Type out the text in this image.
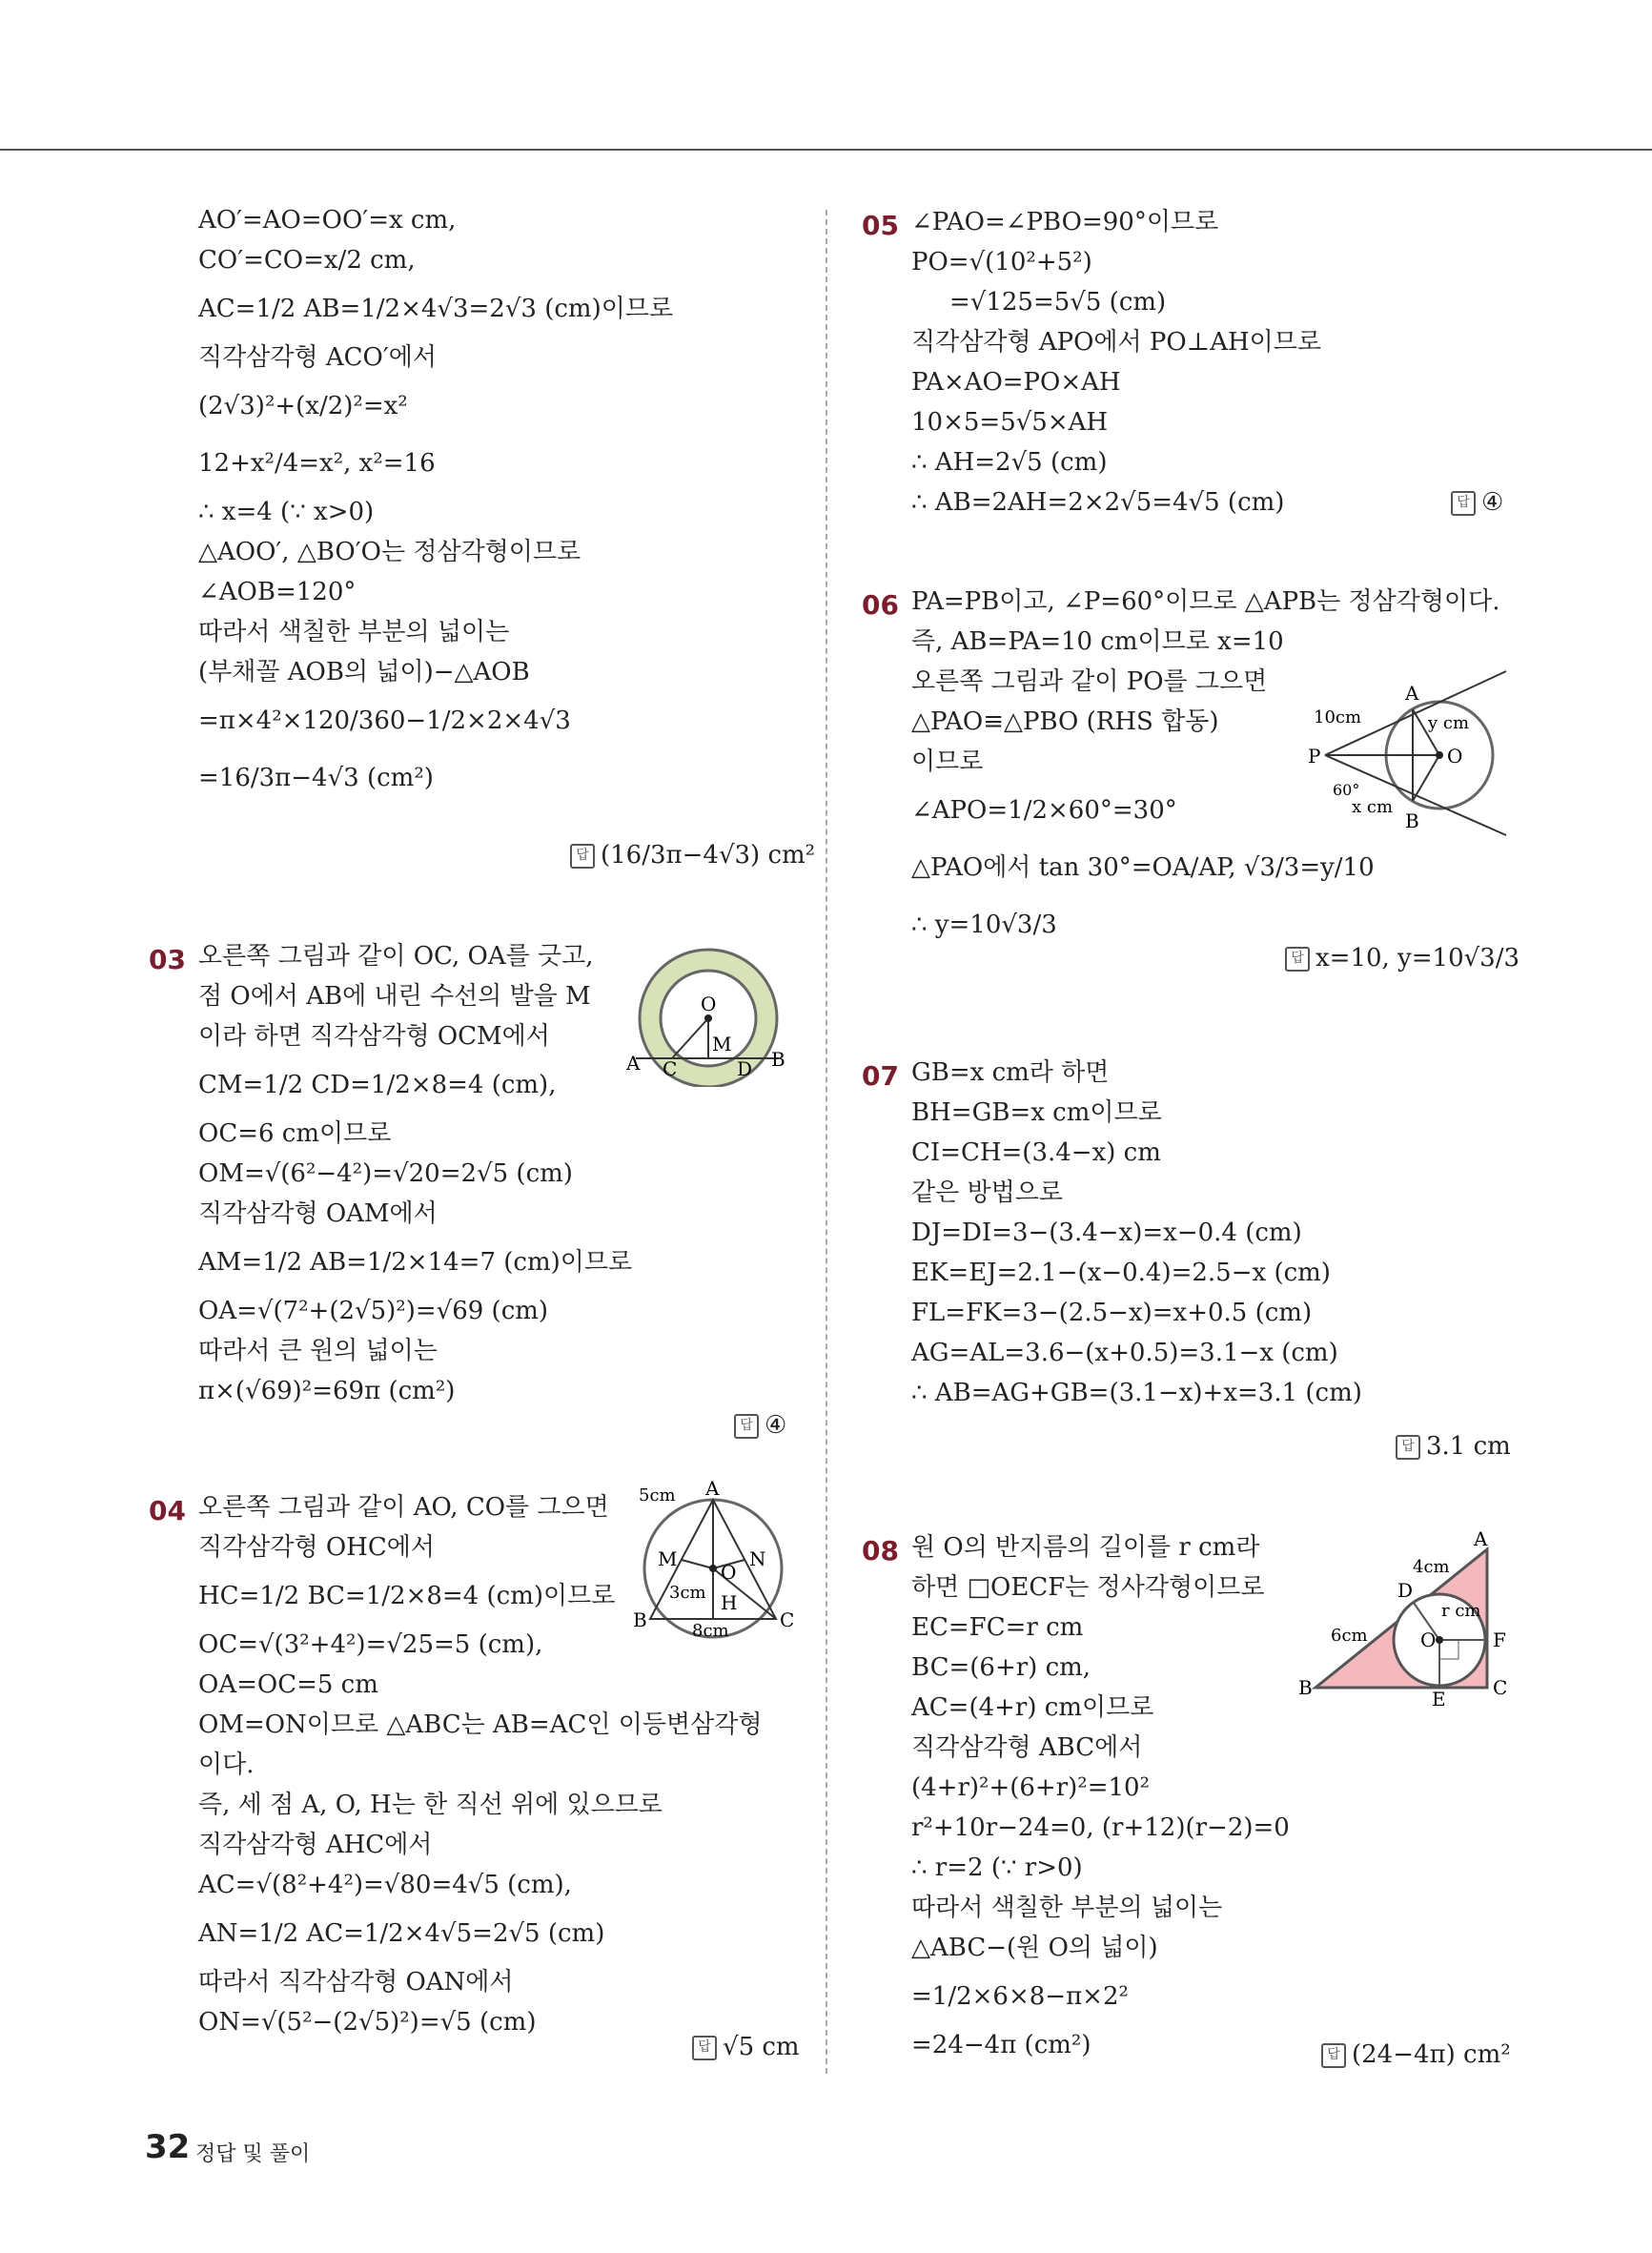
AO′=AO=OO′=x cm,
CO′=CO=x/2 cm,
AC=1/2 AB=1/2×4√3=2√3 (cm)이므로
직각삼각형 ACO′에서
(2√3)²+(x/2)²=x²
12+x²/4=x², x²=16
∴ x=4 (∵ x>0)
△AOO′, △BO′O는 정삼각형이므로
∠AOB=120°
따라서 색칠한 부분의 넓이는
(부채꼴 AOB의 넓이)−△AOB
=π×4²×120/360−1/2×2×4√3
=16/3π−4√3 (cm²)
답 (16/3π−4√3) cm²
03 오른쪽 그림과 같이 OC, OA를 긋고,
점 O에서 AB에 내린 수선의 발을 M
이라 하면 직각삼각형 OCM에서
CM=1/2 CD=1/2×8=4 (cm),
OC=6 cm이므로
OM=√(6²−4²)=√20=2√5 (cm)
직각삼각형 OAM에서
AM=1/2 AB=1/2×14=7 (cm)이므로
OA=√(7²+(2√5)²)=√69 (cm)
따라서 큰 원의 넓이는
π×(√69)²=69π (cm²)
답 ④
O
M
A C	D B
04 오른쪽 그림과 같이 AO, CO를 그으면
직각삼각형 OHC에서
HC=1/2 BC=1/2×8=4 (cm)이므로
OC=√(3²+4²)=√25=5 (cm),
OA=OC=5 cm
OM=ON이므로 △ABC는 AB=AC인 이등변삼각형
이다.
즉, 세 점 A, O, H는 한 직선 위에 있으므로
직각삼각형 AHC에서
AC=√(8²+4²)=√80=4√5 (cm),
AN=1/2 AC=1/2×4√5=2√5 (cm)
따라서 직각삼각형 OAN에서
ON=√(5²−(2√5)²)=√5 (cm)
답 √5 cm
A
M	N
O
H
B	C
5cm
3cm
8cm
05 ∠PAO=∠PBO=90°이므로
PO=√(10²+5²)
=√125=5√5 (cm)
직각삼각형 APO에서 PO⊥AH이므로
PA×AO=PO×AH
10×5=5√5×AH
∴ AH=2√5 (cm)
∴ AB=2AH=2×2√5=4√5 (cm)	답 ④
06 PA=PB이고, ∠P=60°이므로 △APB는 정삼각형이다.
즉, AB=PA=10 cm이므로 x=10
오른쪽 그림과 같이 PO를 그으면
△PAO≡△PBO (RHS 합동)
이므로
∠APO=1/2×60°=30°
△PAO에서 tan 30°=OA/AP, √3/3=y/10
∴ y=10√3/3
답 x=10, y=10√3/3
A
B
P	O
10cm	y cm
60°
x cm
07 GB=x cm라 하면
BH=GB=x cm이므로
CI=CH=(3.4−x) cm
같은 방법으로
DJ=DI=3−(3.4−x)=x−0.4 (cm)
EK=EJ=2.1−(x−0.4)=2.5−x (cm)
FL=FK=3−(2.5−x)=x+0.5 (cm)
AG=AL=3.6−(x+0.5)=3.1−x (cm)
∴ AB=AG+GB=(3.1−x)+x=3.1 (cm)
답 3.1 cm
08 원 O의 반지름의 길이를 r cm라
하면 □OECF는 정사각형이므로
EC=FC=r cm
BC=(6+r) cm,
AC=(4+r) cm이므로
직각삼각형 ABC에서
(4+r)²+(6+r)²=10²
r²+10r−24=0, (r+12)(r−2)=0
∴ r=2 (∵ r>0)
따라서 색칠한 부분의 넓이는
△ABC−(원 O의 넓이)
=1/2×6×8−π×2²
=24−4π (cm²)	답 (24−4π) cm²
A
B	C
D
E
F
O
4cm
r cm
6cm
32 정답 및 풀이
